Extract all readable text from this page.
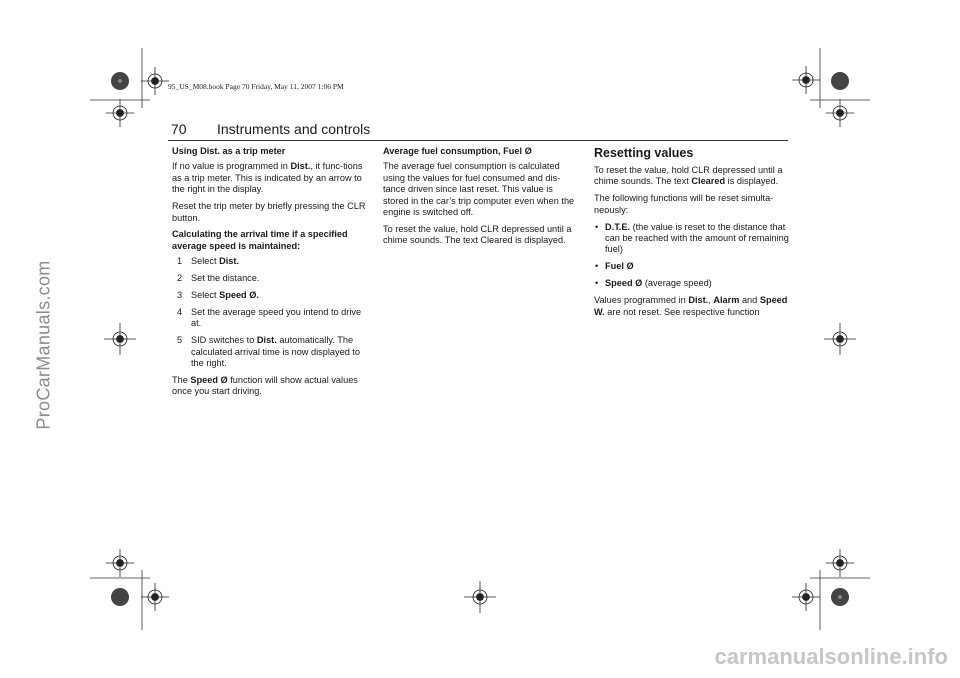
95_US_M08.book Page 70 Friday, May 11, 2007 1:06 PM
70 Instruments and controls

Using Dist. as a trip meter

If no value is programmed in Dist., it func-tions as a trip meter. This is indicated by an arrow to the right in the display.

Reset the trip meter by briefly pressing the CLR button.

Calculating the arrival time if a specified average speed is maintained:

1 Select Dist.
2 Set the distance.
3 Select Speed Ø.
4 Set the average speed you intend to drive at.
5 SID switches to Dist. automatically. The calculated arrival time is now displayed to the right.

The Speed Ø function will show actual values once you start driving.

Average fuel consumption, Fuel Ø

The average fuel consumption is calculated using the values for fuel consumed and dis-tance driven since last reset. This value is stored in the car’s trip computer even when the engine is switched off.

To reset the value, hold CLR depressed until a chime sounds. The text Cleared is displayed.

Resetting values

To reset the value, hold CLR depressed until a chime sounds. The text Cleared is displayed.

The following functions will be reset simulta-neously:

• D.T.E. (the value is reset to the distance that can be reached with the amount of remaining fuel)
• Fuel Ø
• Speed Ø (average speed)

Values programmed in Dist., Alarm and Speed W. are not reset. See respective function

ProCarManuals.com
carmanualsonline.info
